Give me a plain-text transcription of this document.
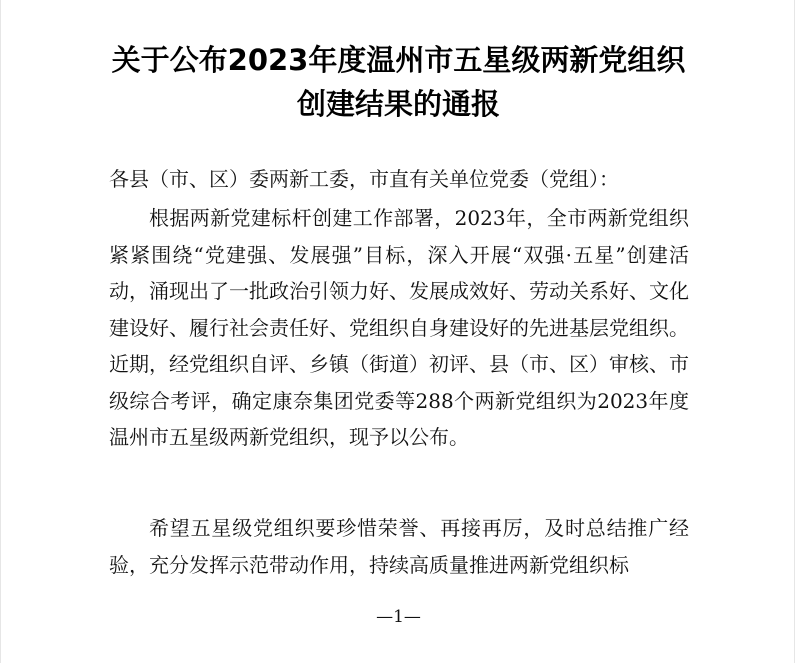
关于公布2023年度温州市五星级两新党组织
创建结果的通报

各县（市、区）委两新工委，市直有关单位党委（党组）：

根据两新党建标杆创建工作部署，2023年，全市两新党组织紧紧围绕“党建强、发展强”目标，深入开展“双强·五星”创建活动，涌现出了一批政治引领力好、发展成效好、劳动关系好、文化建设好、履行社会责任好、党组织自身建设好的先进基层党组织。近期，经党组织自评、乡镇（街道）初评、县（市、区）审核、市级综合考评，确定康奈集团党委等288个两新党组织为2023年度温州市五星级两新党组织，现予以公布。

希望五星级党组织要珍惜荣誉、再接再厉，及时总结推广经验，充分发挥示范带动作用，持续高质量推进两新党组织标

—1—
